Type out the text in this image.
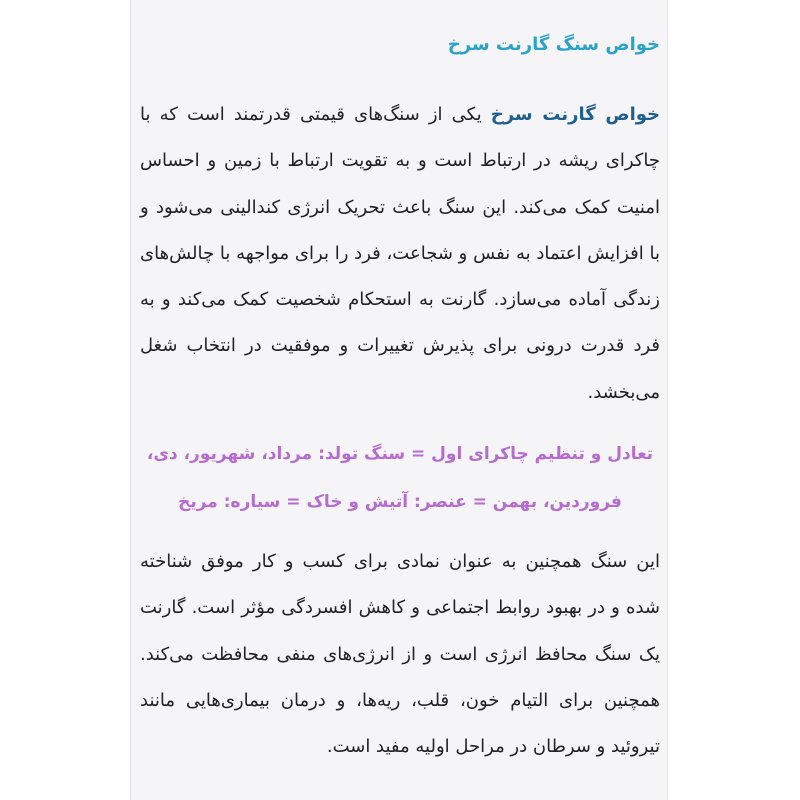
خواص سنگ گارنت سرخ

خواص گارنت سرخ یکی از سنگ‌های قیمتی قدرتمند است که با چاکرای ریشه در ارتباط است و به تقویت ارتباط با زمین و احساس امنیت کمک می‌کند. این سنگ باعث تحریک انرژی کندالینی می‌شود و با افزایش اعتماد به نفس و شجاعت، فرد را برای مواجهه با چالش‌های زندگی آماده می‌سازد. گارنت به استحکام شخصیت کمک می‌کند و به فرد قدرت درونی برای پذیرش تغییرات و موفقیت در انتخاب شغل می‌بخشد.

تعادل و تنظیم چاکرای اول = سنگ تولد: مرداد، شهریور، دی،
فروردین، بهمن = عنصر: آتیش و خاک = سیاره: مریخ

این سنگ همچنین به عنوان نمادی برای کسب و کار موفق شناخته شده و در بهبود روابط اجتماعی و کاهش افسردگی مؤثر است. گارنت یک سنگ محافظ انرژی است و از انرژی‌های منفی محافظت می‌کند. همچنین برای التیام خون، قلب، ریه‌ها، و درمان بیماری‌هایی مانند تیروئید و سرطان در مراحل اولیه مفید است.
